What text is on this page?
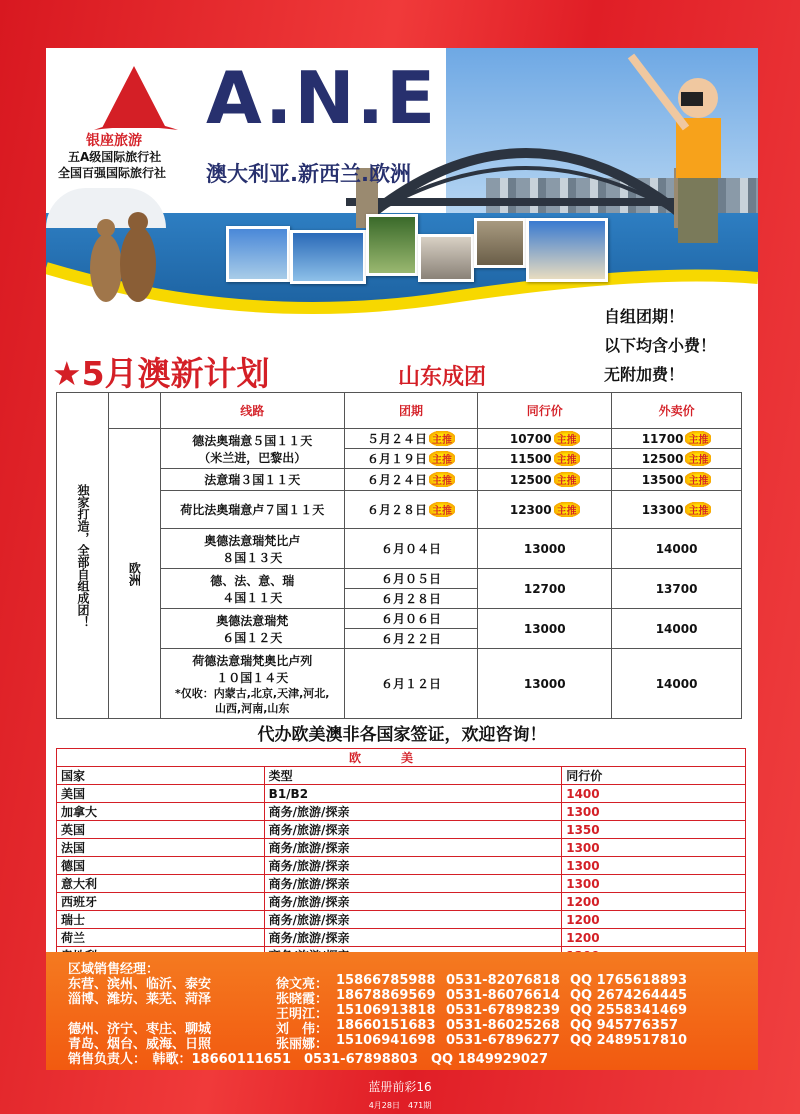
银座旅游
五A级国际旅行社
全国百强国际旅行社
A.N.E
澳大利亚.新西兰.欧洲
自组团期！
以下均含小费！
无附加费！
★5月澳新计划	山东成团
独家打造，全部自组成团！		线路	团期	同行价	外卖价
	欧洲	德法奥瑞意５国１１天
（米兰进，巴黎出）	５月２４日 主推	10700 主推	11700 主推
			６月１９日 主推	11500 主推	12500 主推
		法意瑞３国１１天	６月２４日 主推	12500 主推	13500 主推
		荷比法奥瑞意卢７国１１天	６月２８日 主推	12300 主推	13300 主推

		奥德法意瑞梵比卢
８国１３天	６月０４日	13000	14000

		德、法、意、瑞
４国１１天	６月０５日	12700	13700
			６月２８日		

		奥德法意瑞梵
６国１２天	６月０６日	13000	14000
			６月２２日		

		荷德法意瑞梵奥比卢列
１０国１４天
*仅收：内蒙古,北京,天津,河北,
山西,河南,山东	６月１２日	13000	14000
代办欧美澳非各国家签证，欢迎咨询！
欧美		
国家	类型	同行价
美国	B1/B2	1400
加拿大	商务/旅游/探亲	1300
英国	商务/旅游/探亲	1350
法国	商务/旅游/探亲	1300
德国	商务/旅游/探亲	1300
意大利	商务/旅游/探亲	1300
西班牙	商务/旅游/探亲	1200
瑞士	商务/旅游/探亲	1200
荷兰	商务/旅游/探亲	1200

区域销售经理：
东营、滨州、临沂、泰安
淄博、潍坊、莱芜、菏泽
德州、济宁、枣庄、聊城
青岛、烟台、威海、日照
徐文亮： 15866785988 0531-82076818 QQ 1765618893
张晓霞： 18678869569 0531-86076614 QQ 2674264445
王明江： 15106913818 0531-67898239 QQ 2558341469
刘　伟： 18660151683 0531-86025268 QQ 945776357
张丽娜： 15106941698 0531-67896277 QQ 2489517810
销售负责人：　韩歌：18660111651　0531-67898803　QQ 1849929027
蓝册前彩16
4月28日　471期
